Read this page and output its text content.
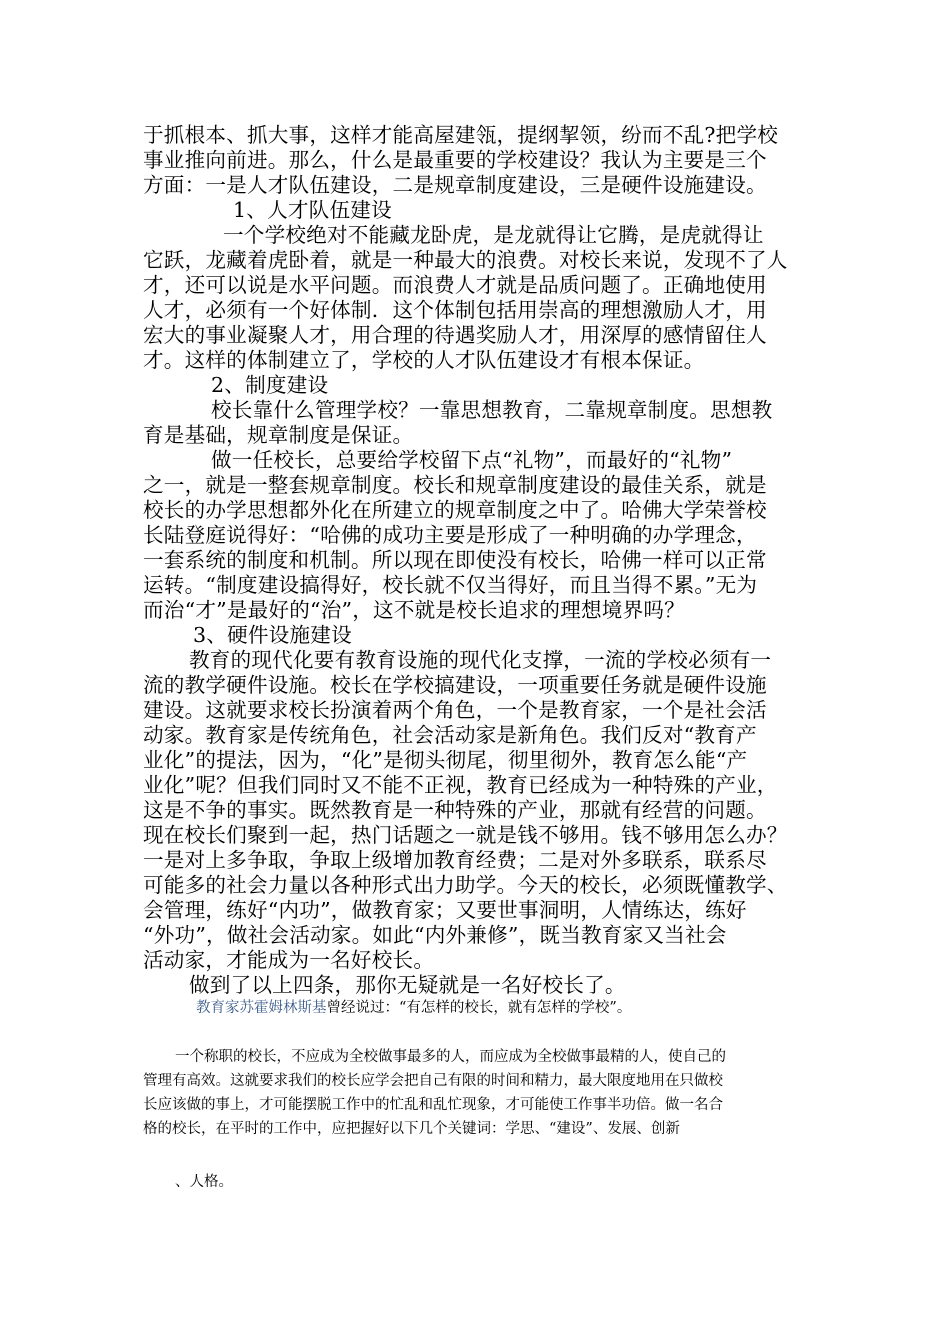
于抓根本、抓大事，这样才能高屋建瓴，提纲挈领，纷而不乱?把学校
事业推向前进。那么，什么是最重要的学校建设？我认为主要是三个
方面：一是人才队伍建设，二是规章制度建设，三是硬件设施建设。
1、人才队伍建设
一个学校绝对不能藏龙卧虎，是龙就得让它腾，是虎就得让
它跃，龙藏着虎卧着，就是一种最大的浪费。对校长来说，发现不了人
才，还可以说是水平问题。而浪费人才就是品质问题了。正确地使用
人才，必须有一个好体制．这个体制包括用崇高的理想激励人才，用
宏大的事业凝聚人才，用合理的待遇奖励人才，用深厚的感情留住人
才。这样的体制建立了，学校的人才队伍建设才有根本保证。
2、制度建设
校长靠什么管理学校？一靠思想教育，二靠规章制度。思想教
育是基础，规章制度是保证。
做一任校长，总要给学校留下点“礼物”，而最好的“礼物”
之一，就是一整套规章制度。校长和规章制度建设的最佳关系，就是
校长的办学思想都外化在所建立的规章制度之中了。哈佛大学荣誉校
长陆登庭说得好：“哈佛的成功主要是形成了一种明确的办学理念，
一套系统的制度和机制。所以现在即使没有校长，哈佛一样可以正常
运转。“制度建设搞得好，校长就不仅当得好，而且当得不累。”无为
而治“才”是最好的“治”，这不就是校长追求的理想境界吗？
3、硬件设施建设
教育的现代化要有教育设施的现代化支撑，一流的学校必须有一
流的教学硬件设施。校长在学校搞建设，一项重要任务就是硬件设施
建设。这就要求校长扮演着两个角色，一个是教育家，一个是社会活
动家。教育家是传统角色，社会活动家是新角色。我们反对“教育产
业化”的提法，因为，“化”是彻头彻尾，彻里彻外，教育怎么能“产
业化”呢？但我们同时又不能不正视，教育已经成为一种特殊的产业，
这是不争的事实。既然教育是一种特殊的产业，那就有经营的问题。
现在校长们聚到一起，热门话题之一就是钱不够用。钱不够用怎么办？
一是对上多争取，争取上级增加教育经费；二是对外多联系，联系尽
可能多的社会力量以各种形式出力助学。今天的校长，必须既懂教学、
会管理，练好“内功”，做教育家；又要世事洞明，人情练达，练好
“外功”，做社会活动家。如此“内外兼修”，既当教育家又当社会
活动家，才能成为一名好校长。
做到了以上四条，那你无疑就是一名好校长了。
教育家苏霍姆林斯基曾经说过：“有怎样的校长，就有怎样的学校”。
一个称职的校长，不应成为全校做事最多的人，而应成为全校做事最精的人，使自己的
管理有高效。这就要求我们的校长应学会把自己有限的时间和精力，最大限度地用在只做校
长应该做的事上，才可能摆脱工作中的忙乱和乱忙现象，才可能使工作事半功倍。做一名合
格的校长，在平时的工作中，应把握好以下几个关键词：学思、“建设”、发展、创新
、人格。
